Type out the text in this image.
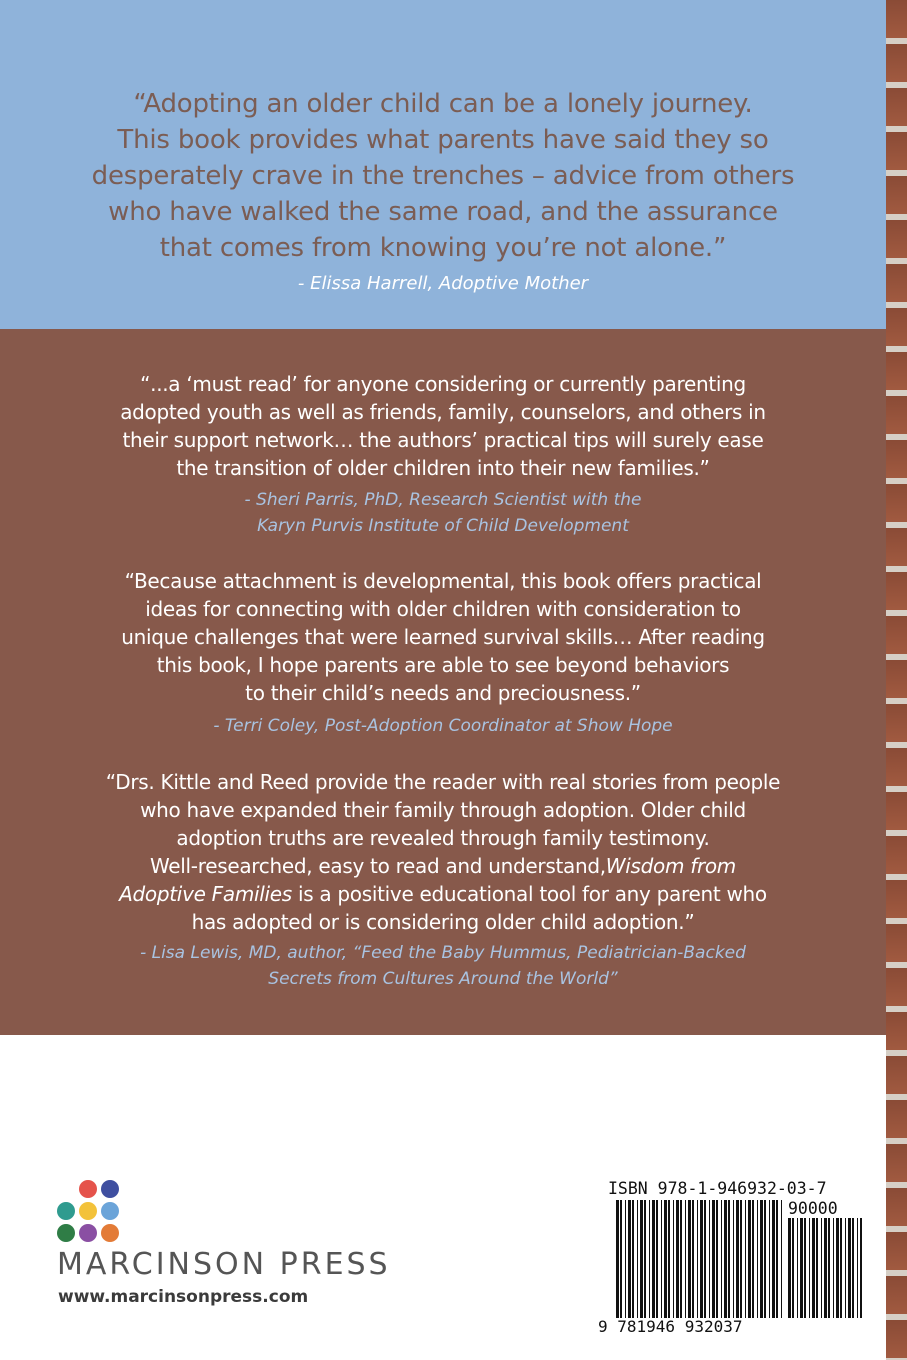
“Adopting an older child can be a lonely journey.
This book provides what parents have said they so
desperately crave in the trenches – advice from others
who have walked the same road, and the assurance
that comes from knowing you’re not alone.”
- Elissa Harrell, Adoptive Mother
“...a ‘must read’ for anyone considering or currently parenting
adopted youth as well as friends, family, counselors, and others in
their support network… the authors’ practical tips will surely ease
the transition of older children into their new families.”
- Sheri Parris, PhD, Research Scientist with the
Karyn Purvis Institute of Child Development
“Because attachment is developmental, this book offers practical
ideas for connecting with older children with consideration to
unique challenges that were learned survival skills… After reading
this book, I hope parents are able to see beyond behaviors
to their child’s needs and preciousness.”
- Terri Coley, Post-Adoption Coordinator at Show Hope
“Drs. Kittle and Reed provide the reader with real stories from people
who have expanded their family through adoption. Older child
adoption truths are revealed through family testimony.
Well-researched, easy to read and understand,Wisdom from
Adoptive Families is a positive educational tool for any parent who
has adopted or is considering older child adoption.”
- Lisa Lewis, MD, author, “Feed the Baby Hummus, Pediatrician-Backed
Secrets from Cultures Around the World”
MARCINSON PRESS
www.marcinsonpress.com
ISBN 978-1-946932-03-7
90000
9 781946 932037
